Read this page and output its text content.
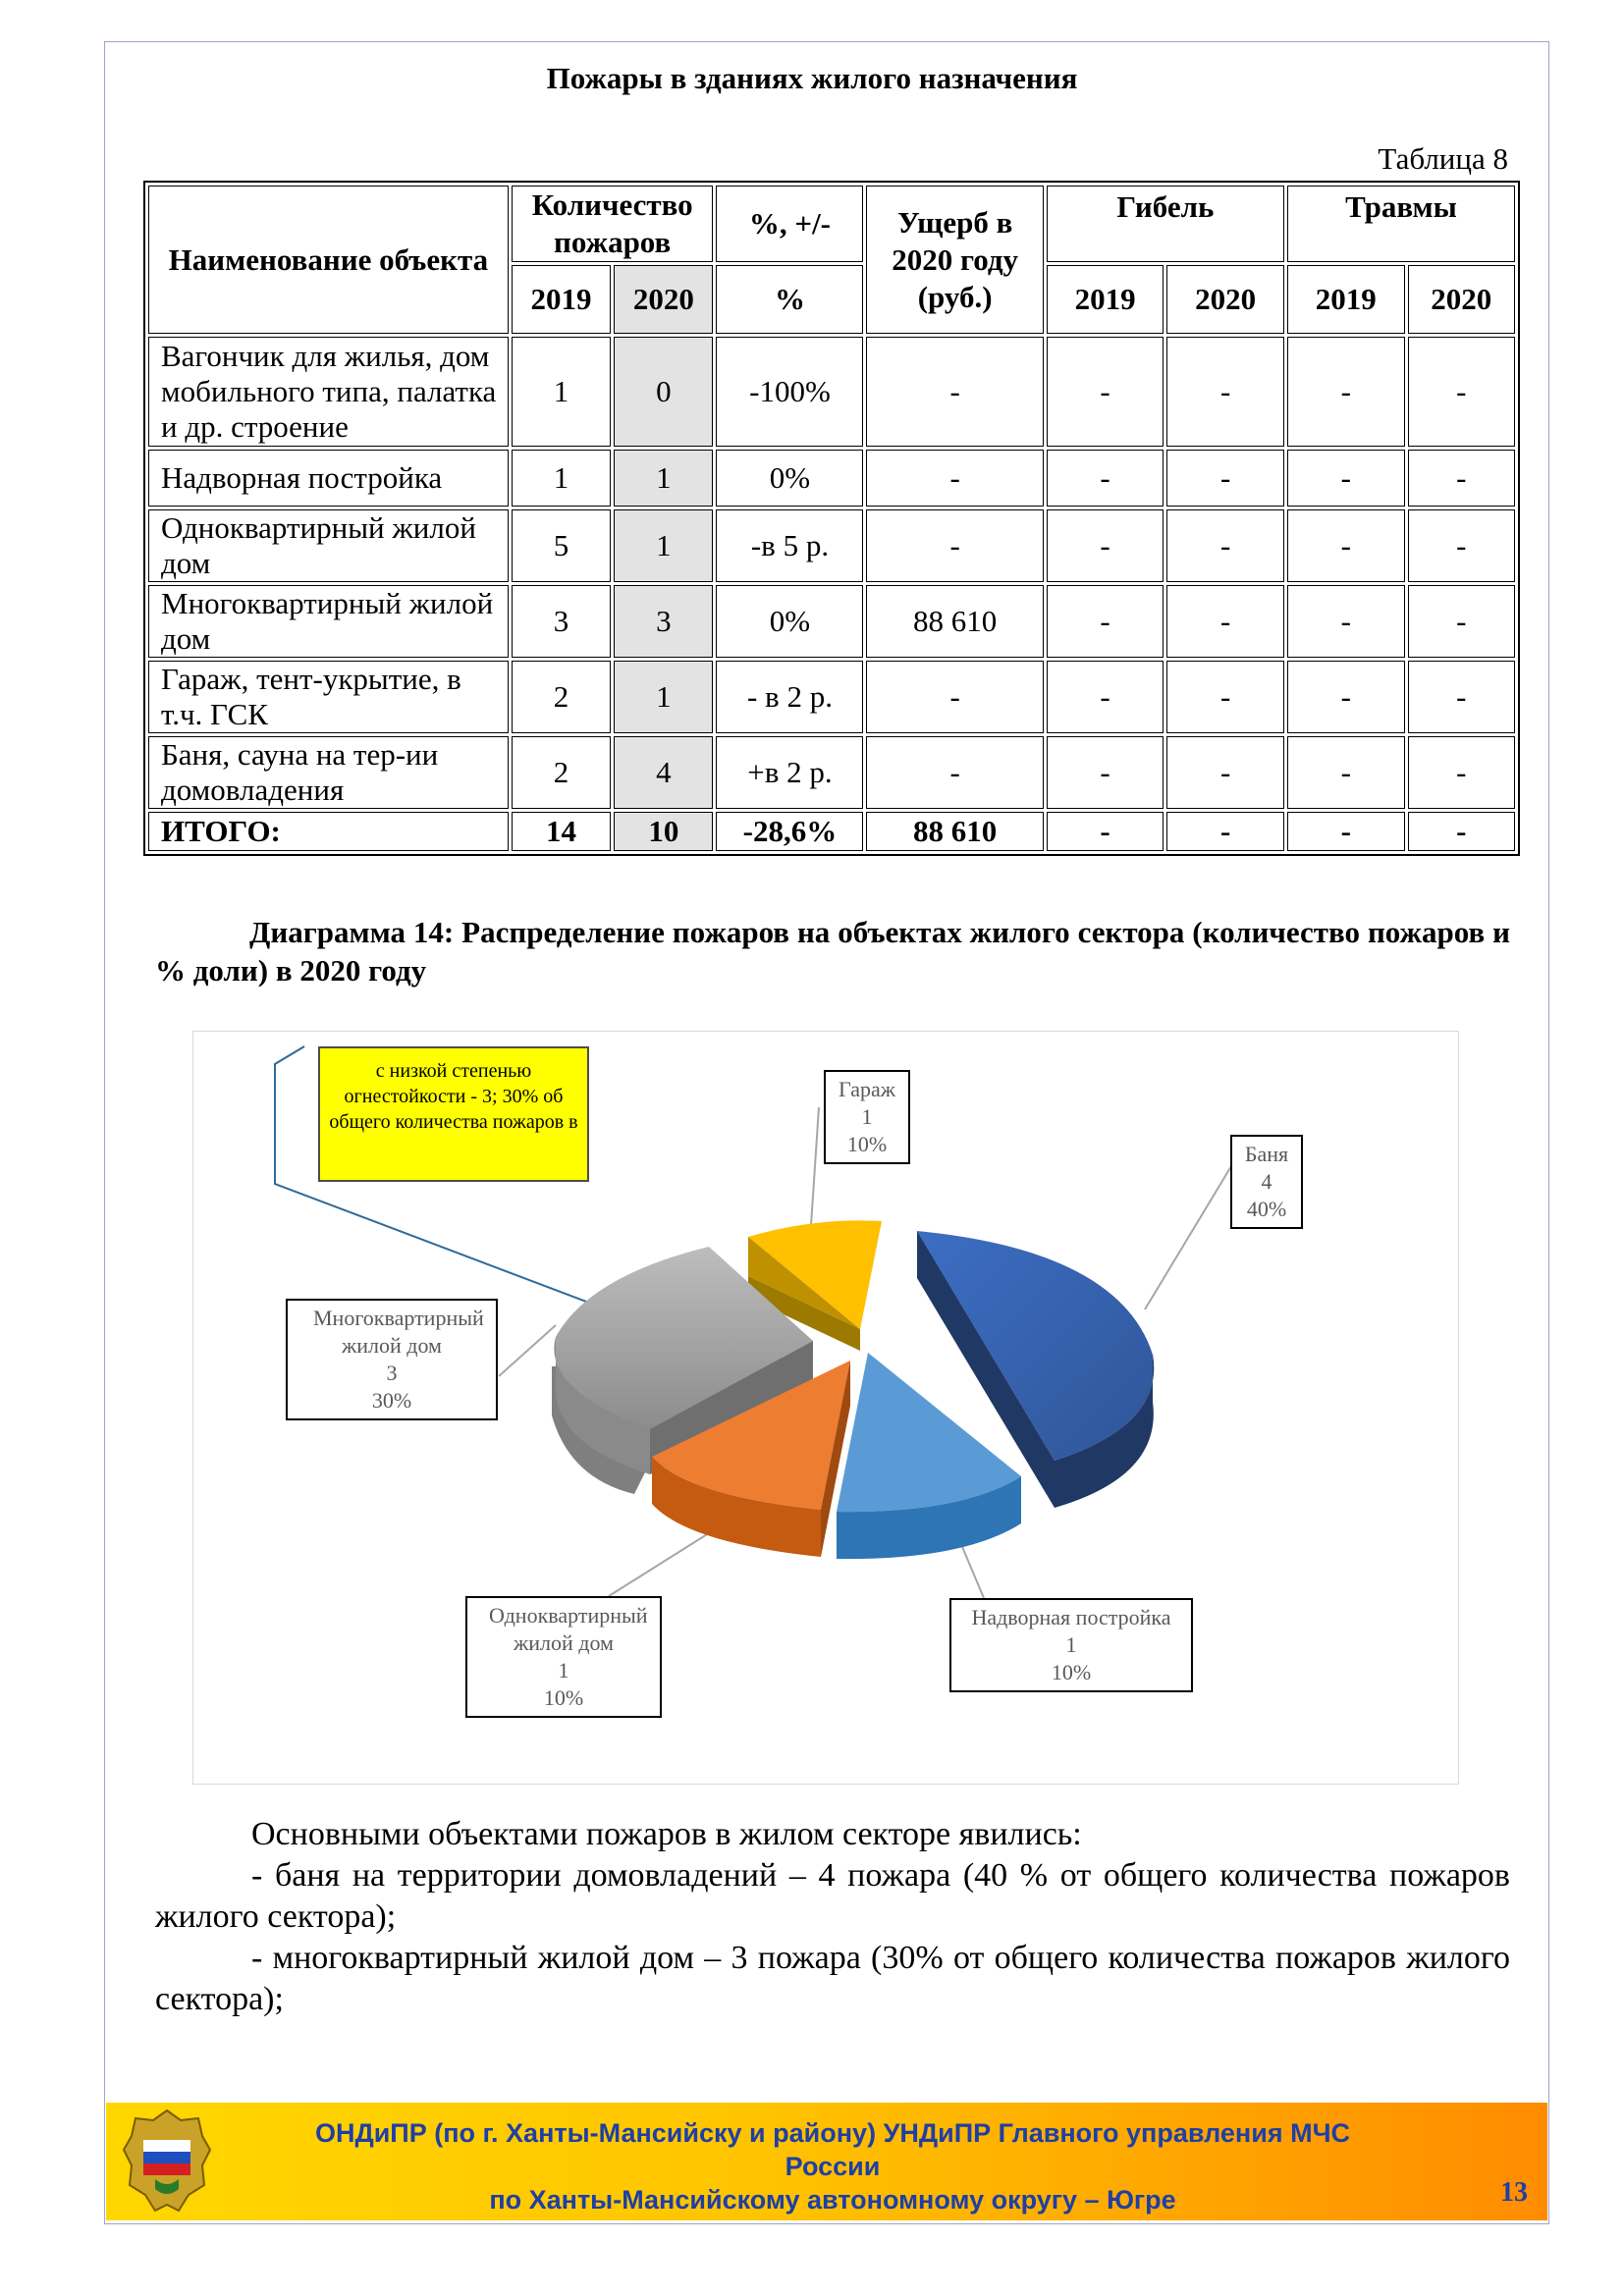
Пожары в зданиях жилого назначения
Таблица 8
Наименование объекта	Количество пожаров		%, +/-	Ущерб в 2020 году (руб.)	Гибель		Травмы	
	2019	2020	%		2019	2020	2019	2020
Вагончик для жилья, дом мобильного типа, палатка и др. строение	1	0	-100%	-	-	-	-	-
Надворная постройка	1	1	0%	-	-	-	-	-
Одноквартирный жилой дом	5	1	-в 5 р.	-	-	-	-	-
Многоквартирный жилой дом	3	3	0%	88 610	-	-	-	-
Гараж, тент-укрытие, в т.ч. ГСК	2	1	- в 2 р.	-	-	-	-	-
Баня, сауна на тер-ии домовладения	2	4	+в 2 р.	-	-	-	-	-
ИТОГО:	14	10	-28,6%	88 610	-	-	-	-
Диаграмма 14: Распределение пожаров на объектах жилого сектора (количество пожаров и % доли) в 2020 году
с низкой степенью огнестойкости - 3; 30% об общего количества пожаров в
Гараж
1
10%	Баня
4
40%
Многоквартирный жилой дом
3
30%
Одноквартирный жилой дом
1
10%
Надворная постройка
1
10%

Основными объектами пожаров в жилом секторе явились:

- баня на территории домовладений – 4 пожара (40 % от общего количества пожаров жилого сектора);

- многоквартирный жилой дом – 3 пожара (30% от общего количества пожаров жилого сектора);

ОНДиПР (по г. Ханты-Мансийску и району) УНДиПР Главного управления МЧС России
по Ханты-Мансийскому автономному округу – Югре	13
